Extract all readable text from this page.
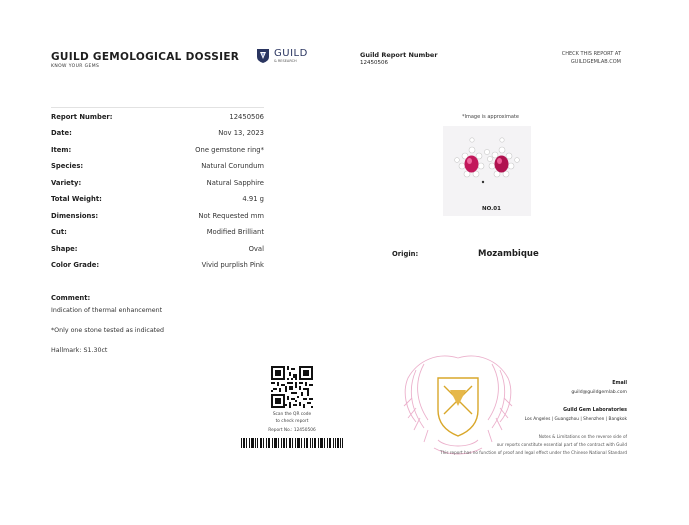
GUILD GEMOLOGICAL DOSSIER
KNOW YOUR GEMS
GUILD
& RESEARCH
Guild Report Number
12450506
CHECK THIS REPORT AT
GUILDGEMLAB.COM
Report Number:	12450506
Date:	Nov 13, 2023
Item:	One gemstone ring*
Species:	Natural Corundum
Variety:	Natural Sapphire
Total Weight:	4.91 g
Dimensions:	Not Requested mm
Cut:	Modified Brilliant
Shape:	Oval
Color Grade:	Vivid purplish Pink
Comment:
Indication of thermal enhancement
*Only one stone tested as indicated
Hallmark: S1.30ct
*Image is approximate
NO.01
Origin:	Mozambique
Scan the QR code
to check report
Report No.: 12450506
Email
guild@guildgemlab.com
Guild Gem Laboratories
Los Angeles | Guangzhou | Shenzhen | Bangkok
Notes & Limitations on the reverse side of
our reports constitute essential part of the contract with Guild
This report has no function of proof and legal effect under the Chinese National Standard
